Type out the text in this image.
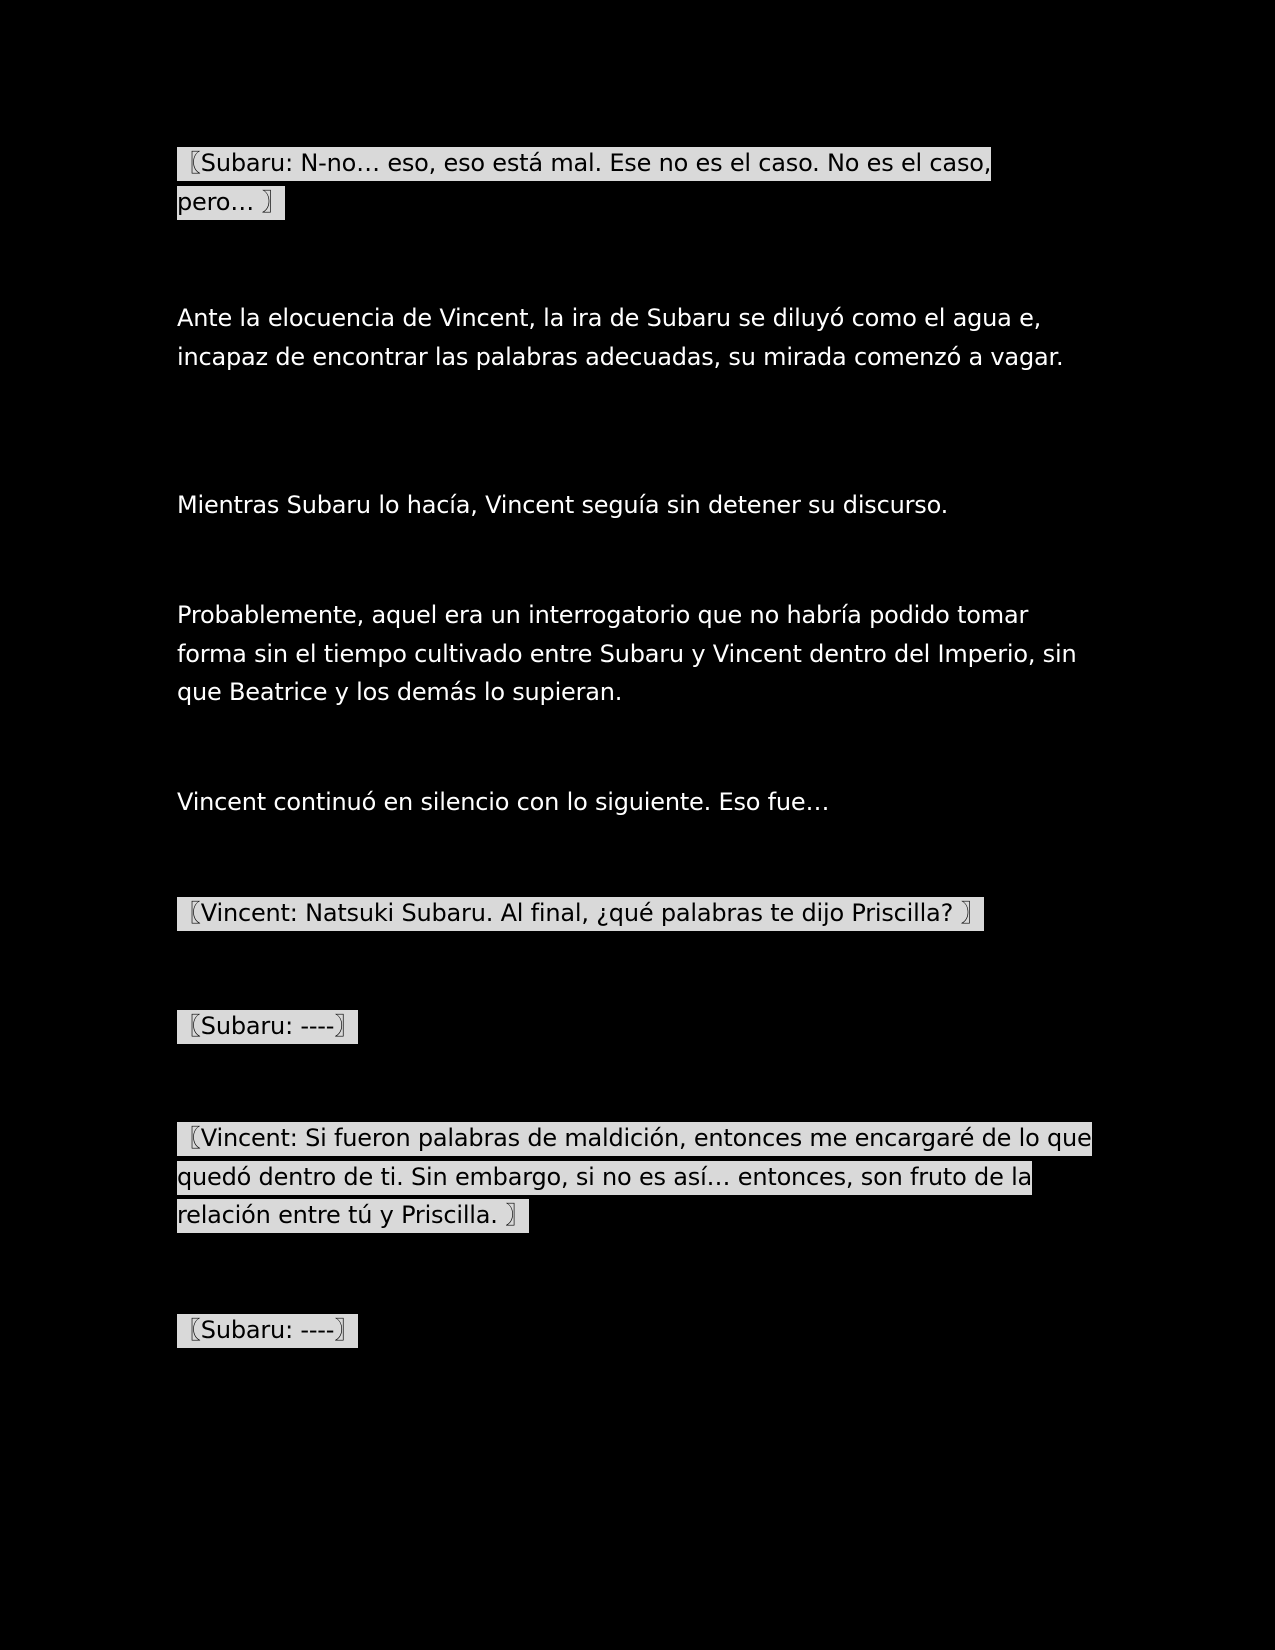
〖Subaru: N-no… eso, eso está mal. Ese no es el caso. No es el caso, pero… 〗

Ante la elocuencia de Vincent, la ira de Subaru se diluyó como el agua e, incapaz de encontrar las palabras adecuadas, su mirada comenzó a vagar.

Mientras Subaru lo hacía, Vincent seguía sin detener su discurso.

Probablemente, aquel era un interrogatorio que no habría podido tomar forma sin el tiempo cultivado entre Subaru y Vincent dentro del Imperio, sin que Beatrice y los demás lo supieran.

Vincent continuó en silencio con lo siguiente. Eso fue…

〖Vincent: Natsuki Subaru. Al final, ¿qué palabras te dijo Priscilla? 〗

〖Subaru: ----〗

〖Vincent: Si fueron palabras de maldición, entonces me encargaré de lo que quedó dentro de ti. Sin embargo, si no es así… entonces, son fruto de la relación entre tú y Priscilla. 〗

〖Subaru: ----〗
